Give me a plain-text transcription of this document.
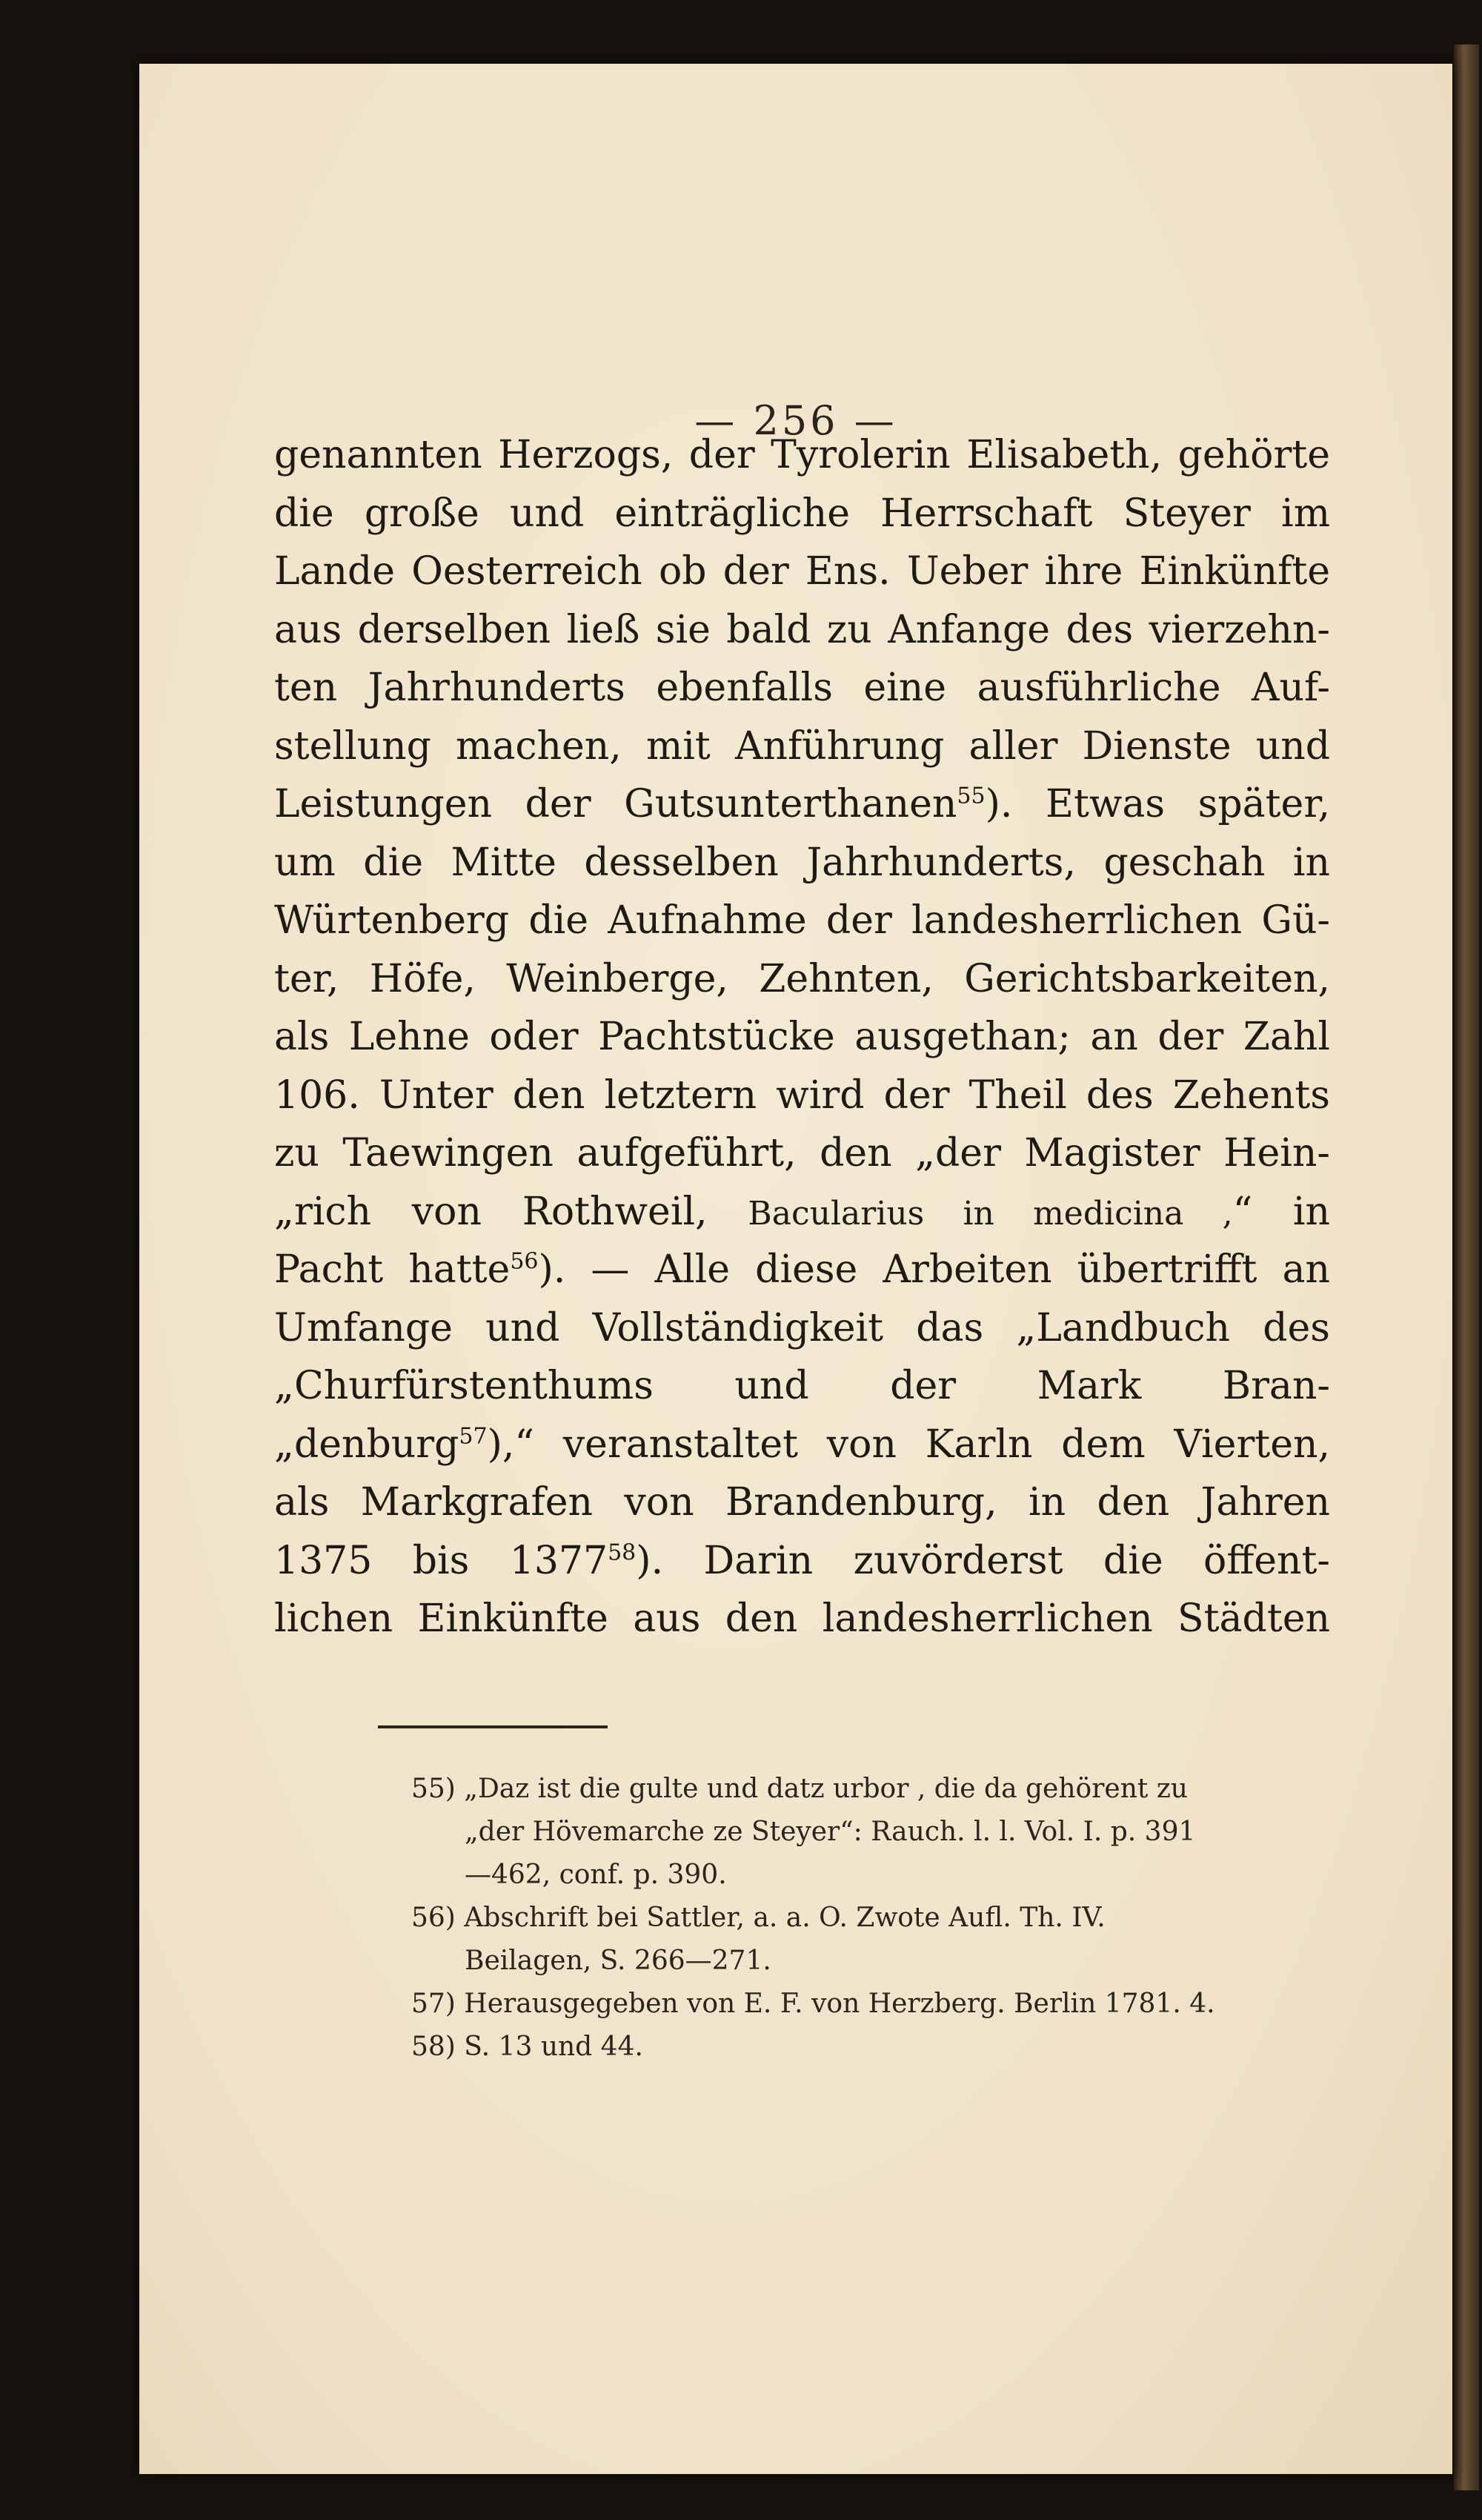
— 256 —
genannten Herzogs, der Tyrolerin Elisabeth, gehörte
die große und einträgliche Herrschaft Steyer im
Lande Oesterreich ob der Ens. Ueber ihre Einkünfte
aus derselben ließ sie bald zu Anfange des vierzehn-
ten Jahrhunderts ebenfalls eine ausführliche Auf-
stellung machen, mit Anführung aller Dienste und
Leistungen der Gutsunterthanen$^{55}$). Etwas später,
um die Mitte desselben Jahrhunderts, geschah in
Würtenberg die Aufnahme der landesherrlichen Gü-
ter, Höfe, Weinberge, Zehnten, Gerichtsbarkeiten,
als Lehne oder Pachtstücke ausgethan; an der Zahl
106. Unter den letztern wird der Theil des Zehents
zu Taewingen aufgeführt, den „der Magister Hein-
„rich von Rothweil, Bacularius in medicina ,“ in
Pacht hatte$^{56}$). — Alle diese Arbeiten übertrifft an
Umfange und Vollständigkeit das „Landbuch des
„Churfürstenthums und der Mark Bran-
„denburg$^{57}$),“ veranstaltet von Karln dem Vierten,
als Markgrafen von Brandenburg, in den Jahren
1375 bis 1377$^{58}$). Darin zuvörderst die öffent-
lichen Einkünfte aus den landesherrlichen Städten
55) „Daz ist die gulte und datz urbor , die da gehörent zu
„der Hövemarche ze Steyer“: Rauch. l. l. Vol. I. p. 391
—462, conf. p. 390.
56) Abschrift bei Sattler, a. a. O. Zwote Aufl. Th. IV.
Beilagen, S. 266—271.
57) Herausgegeben von E. F. von Herzberg. Berlin 1781. 4.
58) S. 13 und 44.
